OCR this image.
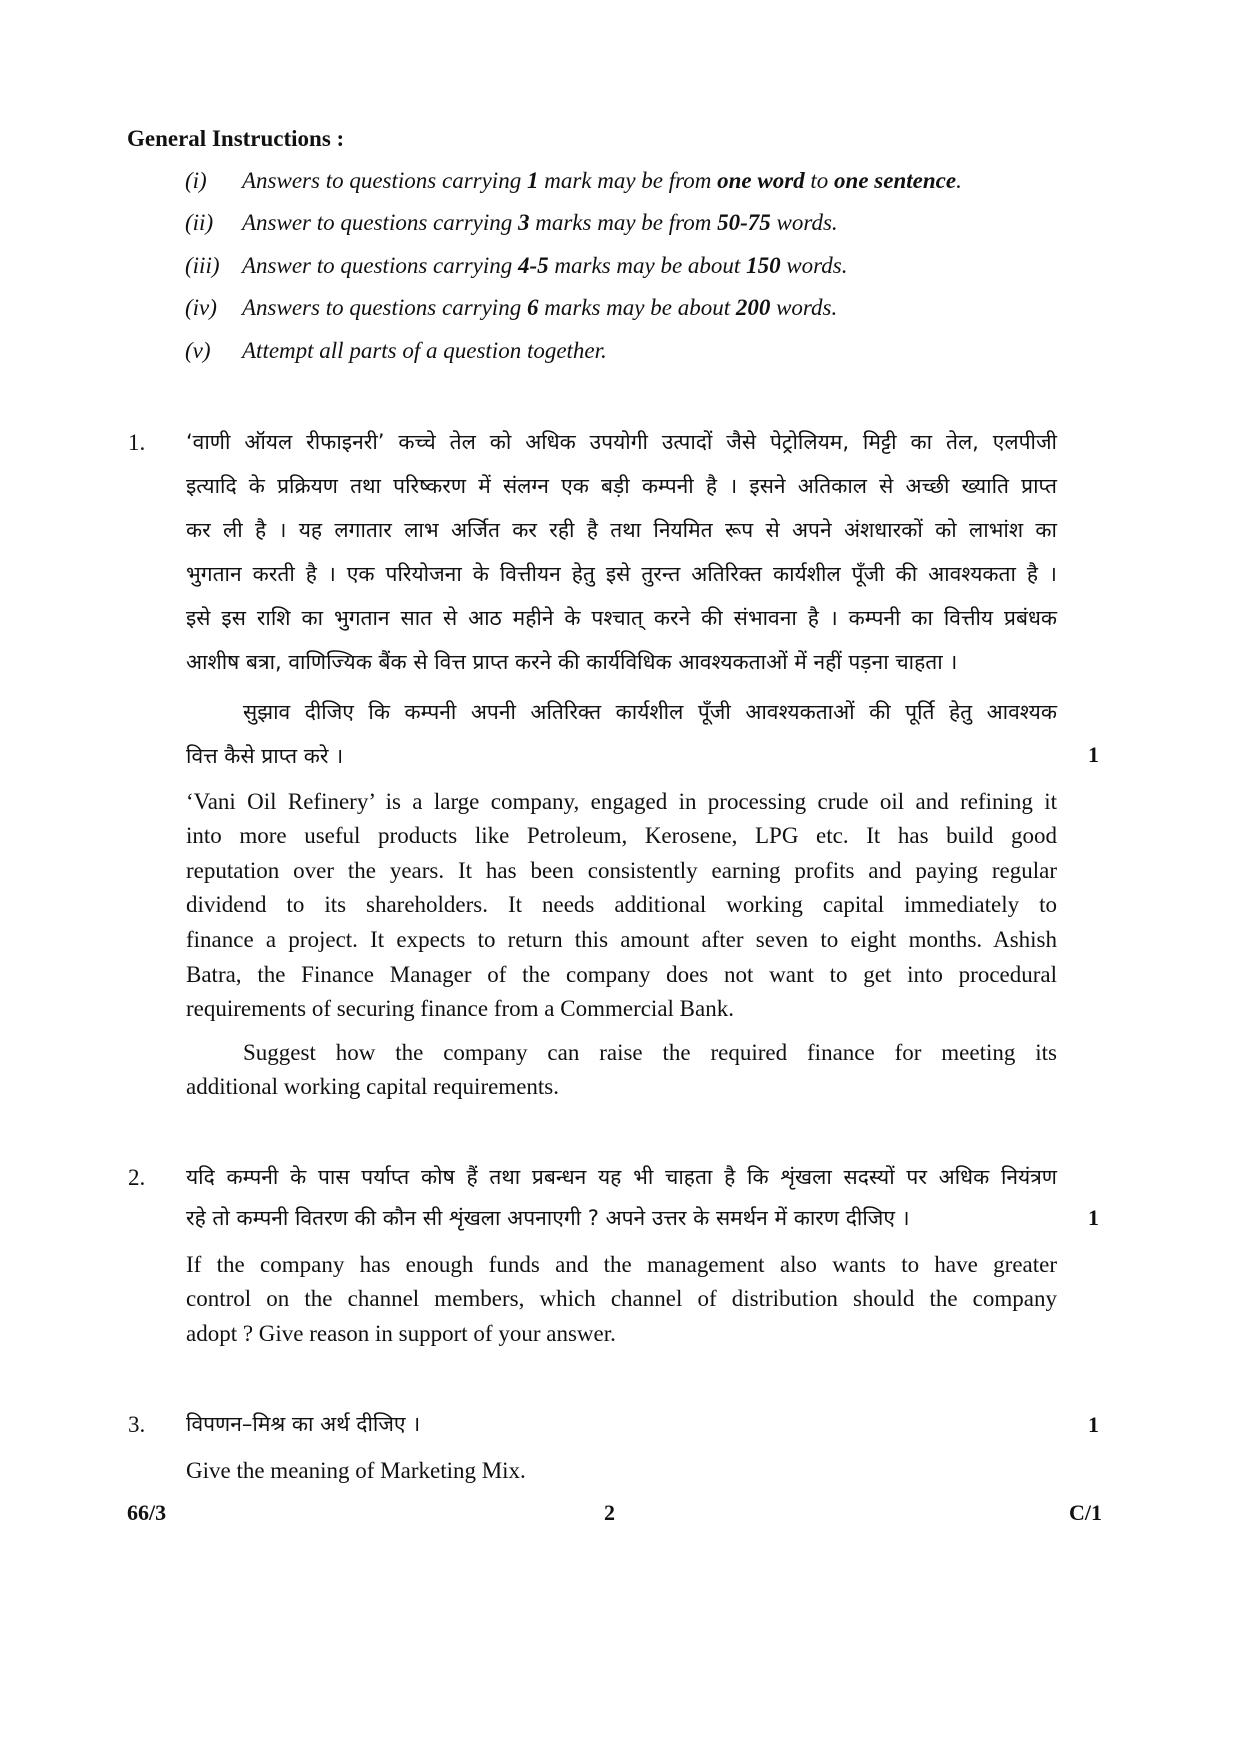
General Instructions :
(i) Answers to questions carrying 1 mark may be from one word to one sentence.
(ii) Answer to questions carrying 3 marks may be from 50-75 words.
(iii) Answer to questions carrying 4-5 marks may be about 150 words.
(iv) Answers to questions carrying 6 marks may be about 200 words.
(v) Attempt all parts of a question together.
1. ‘वाणी ऑयल रीफाइनरी’ कच्चे तेल को अधिक उपयोगी उत्पादों जैसे पेट्रोलियम, मिट्टी का तेल, एलपीजी
इत्यादि के प्रक्रियण तथा परिष्करण में संलग्न एक बड़ी कम्पनी है । इसने अतिकाल से अच्छी ख्याति प्राप्त
कर ली है । यह लगातार लाभ अर्जित कर रही है तथा नियमित रूप से अपने अंशधारकों को लाभांश का
भुगतान करती है । एक परियोजना के वित्तीयन हेतु इसे तुरन्त अतिरिक्त कार्यशील पूँजी की आवश्यकता है ।
इसे इस राशि का भुगतान सात से आठ महीने के पश्चात् करने की संभावना है । कम्पनी का वित्तीय प्रबंधक
आशीष बत्रा, वाणिज्यिक बैंक से वित्त प्राप्त करने की कार्यविधिक आवश्यकताओं में नहीं पड़ना चाहता ।
सुझाव दीजिए कि कम्पनी अपनी अतिरिक्त कार्यशील पूँजी आवश्यकताओं की पूर्ति हेतु आवश्यक
वित्त कैसे प्राप्त करे ।	1
‘Vani Oil Refinery’ is a large company, engaged in processing crude oil and refining it
into more useful products like Petroleum, Kerosene, LPG etc. It has build good
reputation over the years. It has been consistently earning profits and paying regular
dividend to its shareholders. It needs additional working capital immediately to
finance a project. It expects to return this amount after seven to eight months. Ashish
Batra, the Finance Manager of the company does not want to get into procedural
requirements of securing finance from a Commercial Bank.
Suggest how the company can raise the required finance for meeting its
additional working capital requirements.
2. यदि कम्पनी के पास पर्याप्त कोष हैं तथा प्रबन्धन यह भी चाहता है कि शृंखला सदस्यों पर अधिक नियंत्रण
रहे तो कम्पनी वितरण की कौन सी शृंखला अपनाएगी ? अपने उत्तर के समर्थन में कारण दीजिए ।	1
If the company has enough funds and the management also wants to have greater
control on the channel members, which channel of distribution should the company
adopt ? Give reason in support of your answer.
3. विपणन–मिश्र का अर्थ दीजिए ।	1
Give the meaning of Marketing Mix.
66/3	2	C/1
